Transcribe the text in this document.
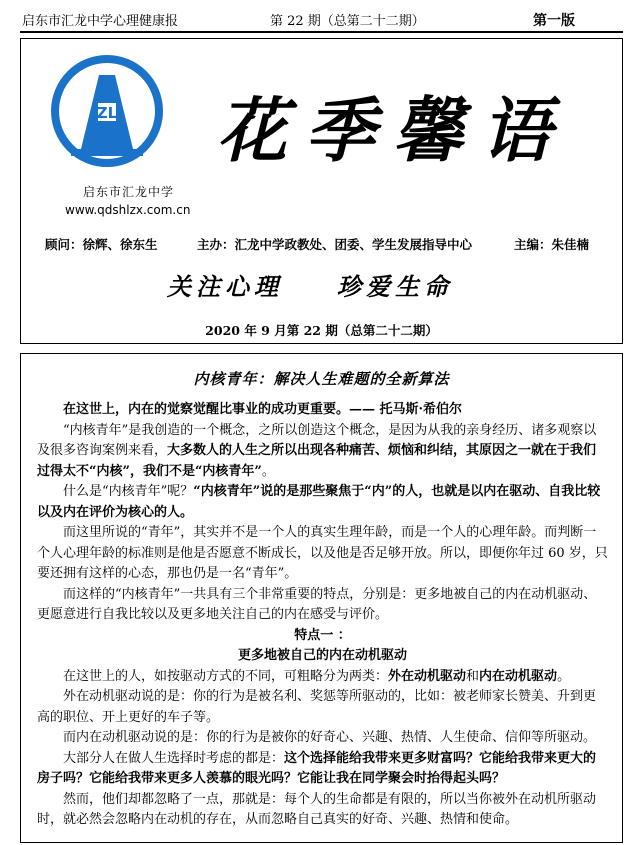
启东市汇龙中学心理健康报	第 22 期（总第二十二期）	第一版
ZL
启东市汇龙中学
www.qdshlzx.com.cn
花季馨语
顾问：徐辉、徐东生	主办：汇龙中学政教处、团委、学生发展指导中心	主编：朱佳楠
关注心理 珍爱生命
2020 年 9 月第 22 期（总第二十二期）
内核青年：解决人生难题的全新算法

在这世上，内在的觉察觉醒比事业的成功更重要。—— 托马斯·希伯尔

“内核青年”是我创造的一个概念，之所以创造这个概念，是因为从我的亲身经历、诸多观察以及很多咨询案例来看，大多数人的人生之所以出现各种痛苦、烦恼和纠结，其原因之一就在于我们过得太不“内核”，我们不是“内核青年”。

什么是“内核青年”呢？“内核青年”说的是那些聚焦于“内”的人，也就是以内在驱动、自我比较以及内在评价为核心的人。

而这里所说的“青年”，其实并不是一个人的真实生理年龄，而是一个人的心理年龄。而判断一个人心理年龄的标准则是他是否愿意不断成长，以及他是否足够开放。所以，即便你年过 60 岁，只要还拥有这样的心态，那也仍是一名“青年”。

而这样的“内核青年”一共具有三个非常重要的特点，分别是：更多地被自己的内在动机驱动、更愿意进行自我比较以及更多地关注自己的内在感受与评价。

特点一 ：

更多地被自己的内在动机驱动

在这世上的人，如按驱动方式的不同，可粗略分为两类：外在动机驱动和内在动机驱动。

外在动机驱动说的是：你的行为是被名利、奖惩等所驱动的，比如：被老师家长赞美、升到更高的职位、开上更好的车子等。

而内在动机驱动说的是：你的行为是被你的好奇心、兴趣、热情、人生使命、信仰等所驱动。

大部分人在做人生选择时考虑的都是：这个选择能给我带来更多财富吗？它能给我带来更大的房子吗？它能给我带来更多人羡慕的眼光吗？它能让我在同学聚会时抬得起头吗？

然而，他们却都忽略了一点，那就是：每个人的生命都是有限的，所以当你被外在动机所驱动时，就必然会忽略内在动机的存在，从而忽略自己真实的好奇、兴趣、热情和使命。
